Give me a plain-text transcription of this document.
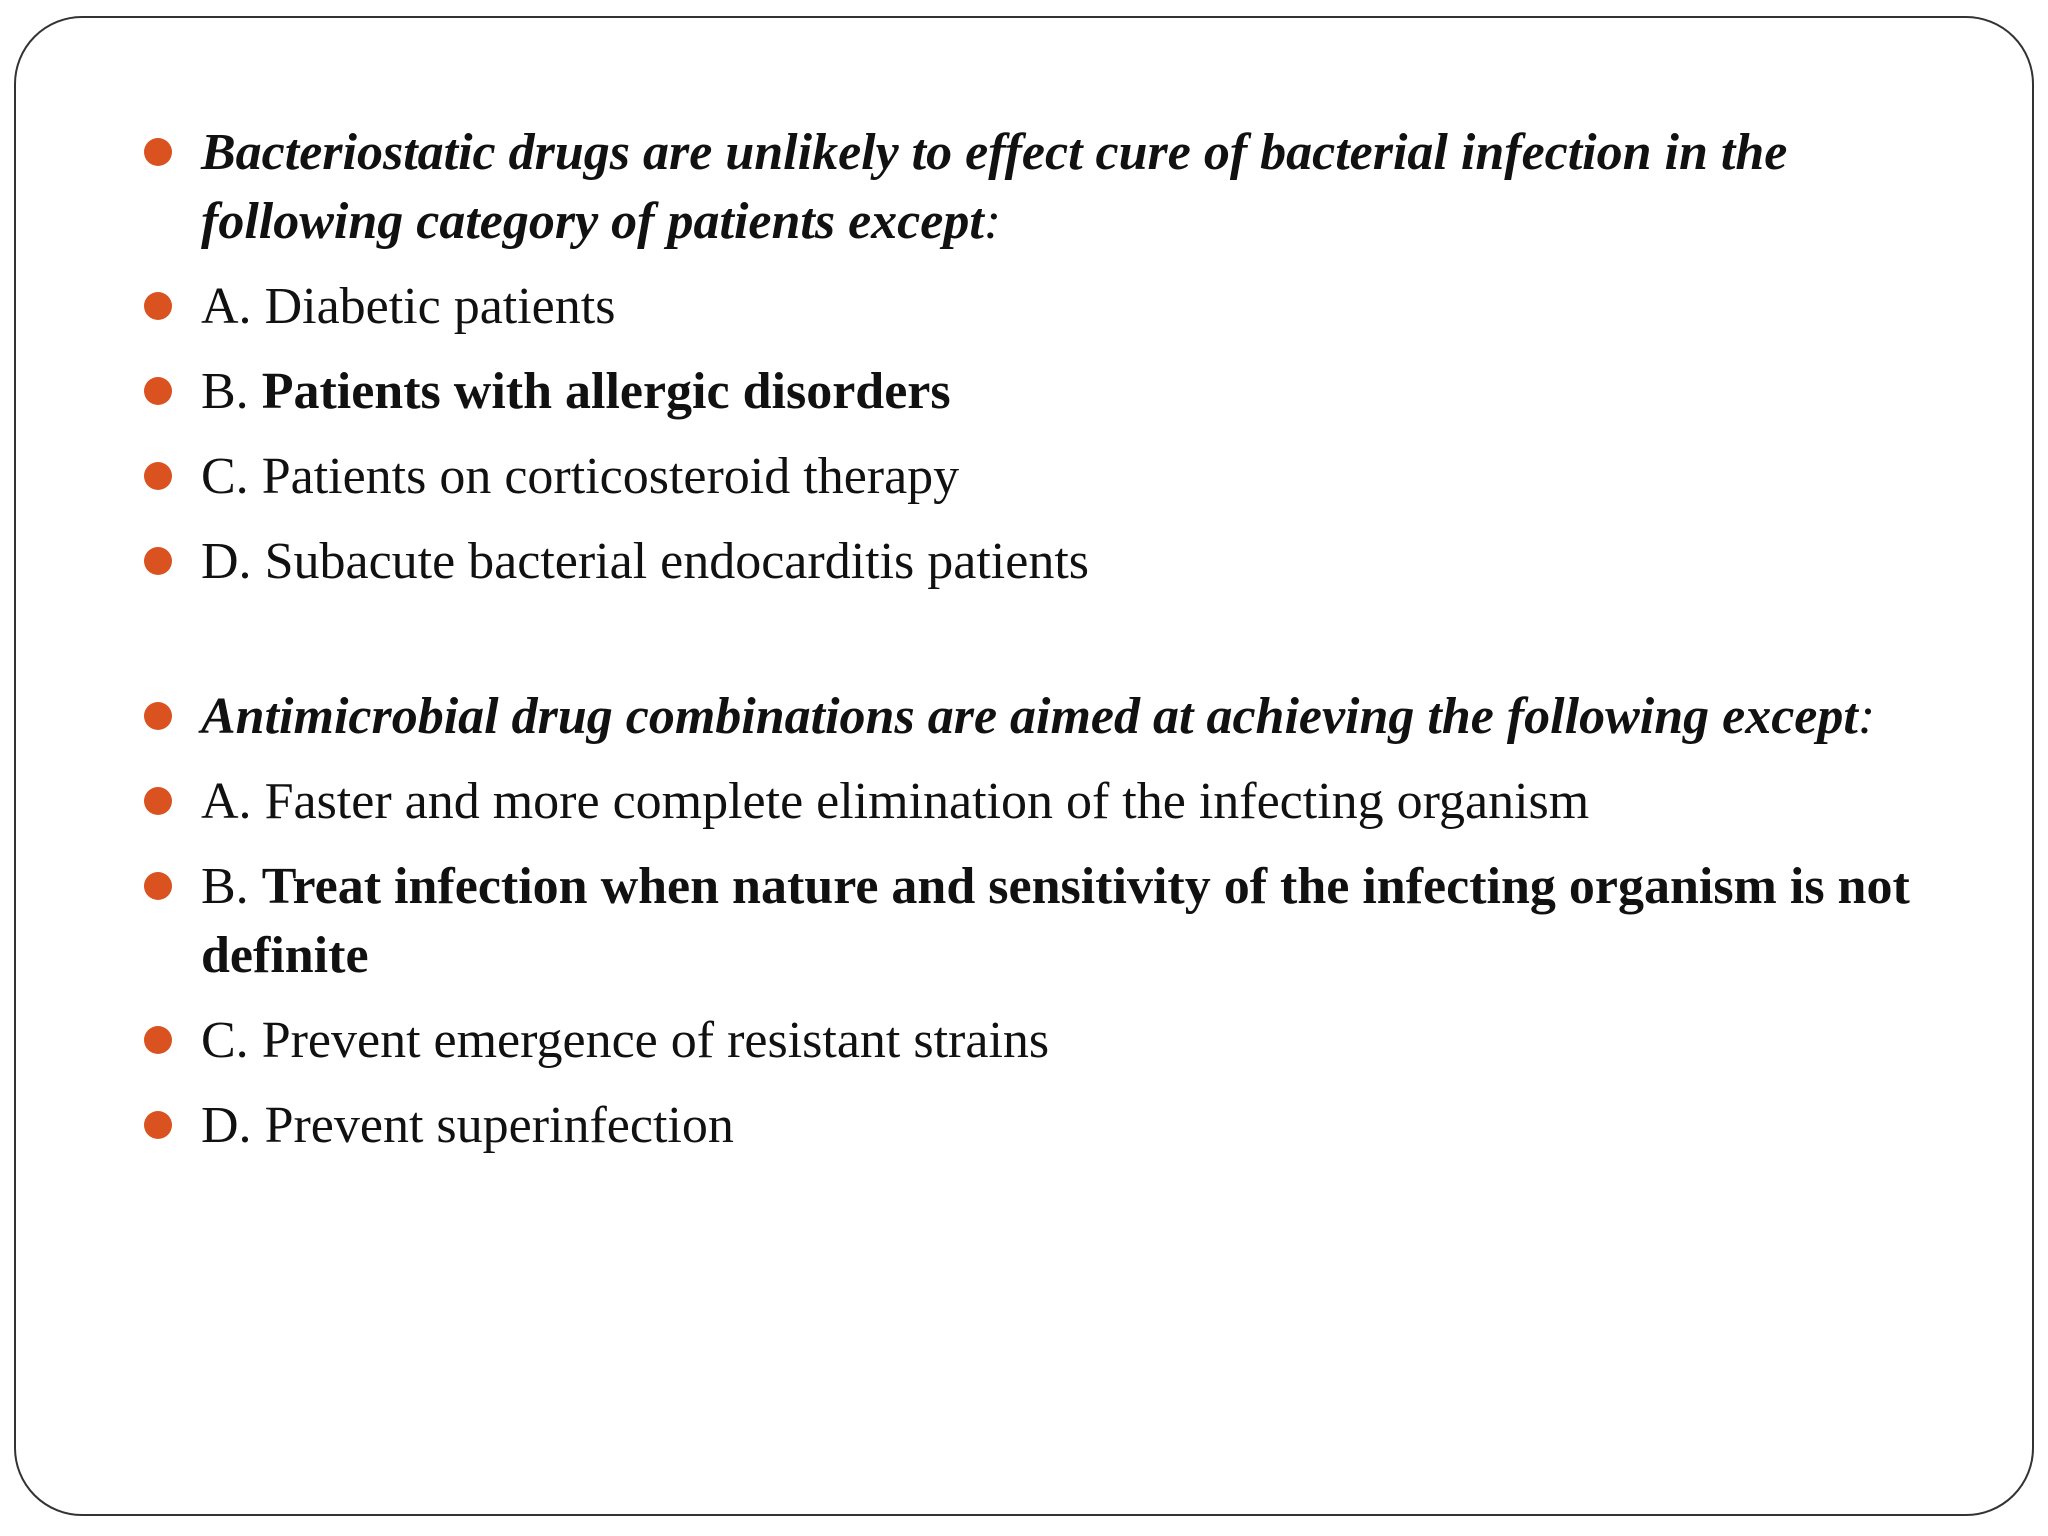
Bacteriostatic drugs are unlikely to effect cure of bacterial infection in the following category of patients except:
A. Diabetic patients
B. Patients with allergic disorders
C. Patients on corticosteroid therapy
D. Subacute bacterial endocarditis patients
Antimicrobial drug combinations are aimed at achieving the following except:
A. Faster and more complete elimination of the infecting organism
B. Treat infection when nature and sensitivity of the infecting organism is not definite
C. Prevent emergence of resistant strains
D. Prevent superinfection
